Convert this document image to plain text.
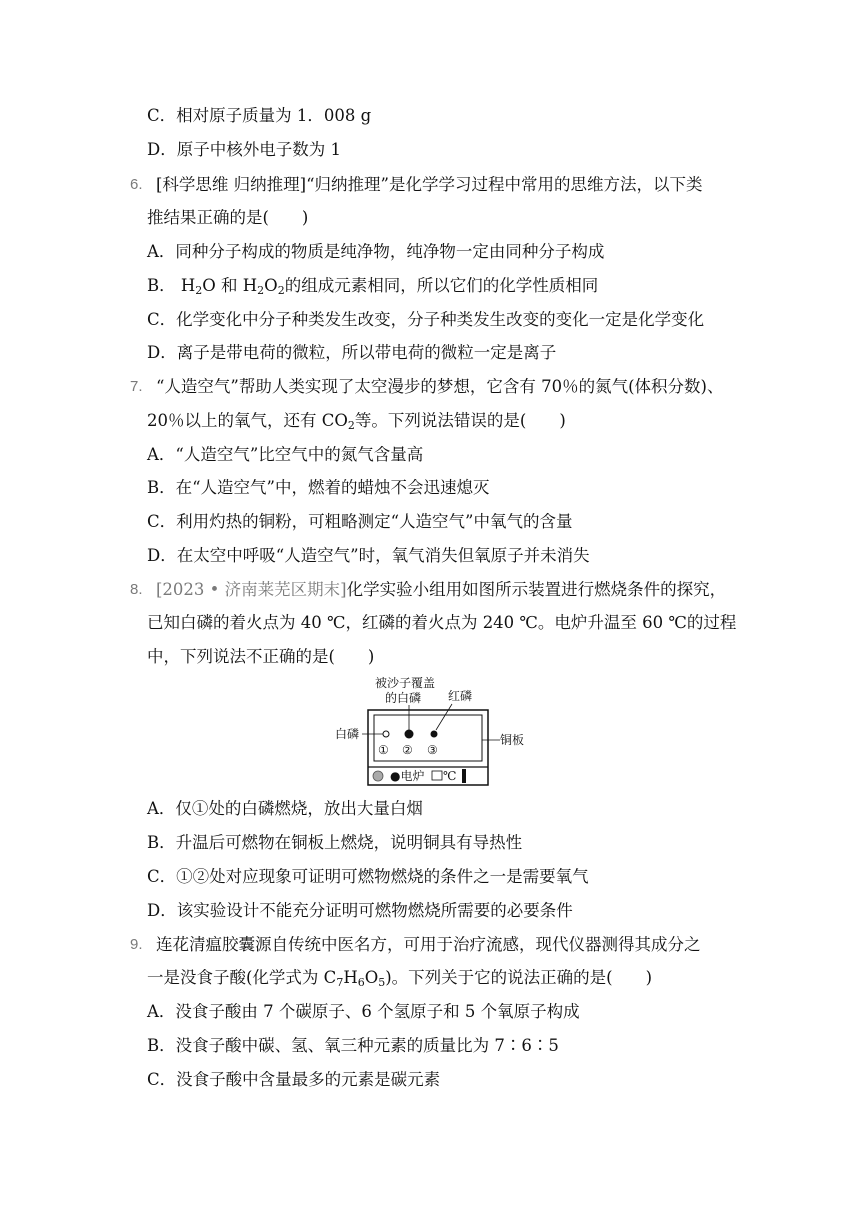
C．相对原子质量为 1．008 g
D．原子中核外电子数为 1
6. [科学思维 归纳推理]“归纳推理”是化学学习过程中常用的思维方法，以下类
推结果正确的是(　　)
A．同种分子构成的物质是纯净物，纯净物一定由同种分子构成
B． $H_2O$ 和 $H_2O_2$的组成元素相同，所以它们的化学性质相同
C．化学变化中分子种类发生改变，分子种类发生改变的变化一定是化学变化
D．离子是带电荷的微粒，所以带电荷的微粒一定是离子
7. “人造空气”帮助人类实现了太空漫步的梦想，它含有 70％的氮气(体积分数)、
20％以上的氧气，还有 $CO_2$等。下列说法错误的是(　　)
A．“人造空气”比空气中的氮气含量高
B．在“人造空气”中，燃着的蜡烛不会迅速熄灭
C．利用灼热的铜粉，可粗略测定“人造空气”中氧气的含量
D．在太空中呼吸“人造空气”时，氧气消失但氧原子并未消失
8. [2023 • 济南莱芜区期末]化学实验小组用如图所示装置进行燃烧条件的探究，
已知白磷的着火点为 40 ℃，红磷的着火点为 240 ℃。电炉升温至 60 ℃的过程
中，下列说法不正确的是(　　)
被沙子覆盖
的白磷 红磷
白磷	铜板
① ② ③
●电炉 ℃
A．仅①处的白磷燃烧，放出大量白烟
B．升温后可燃物在铜板上燃烧，说明铜具有导热性
C．①②处对应现象可证明可燃物燃烧的条件之一是需要氧气
D．该实验设计不能充分证明可燃物燃烧所需要的必要条件
9. 连花清瘟胶囊源自传统中医名方，可用于治疗流感，现代仪器测得其成分之
一是没食子酸(化学式为 $C_7H_6O_5$)。下列关于它的说法正确的是(　　)
A．没食子酸由 7 个碳原子、6 个氢原子和 5 个氧原子构成
B．没食子酸中碳、氢、氧三种元素的质量比为 7∶6∶5
C．没食子酸中含量最多的元素是碳元素
